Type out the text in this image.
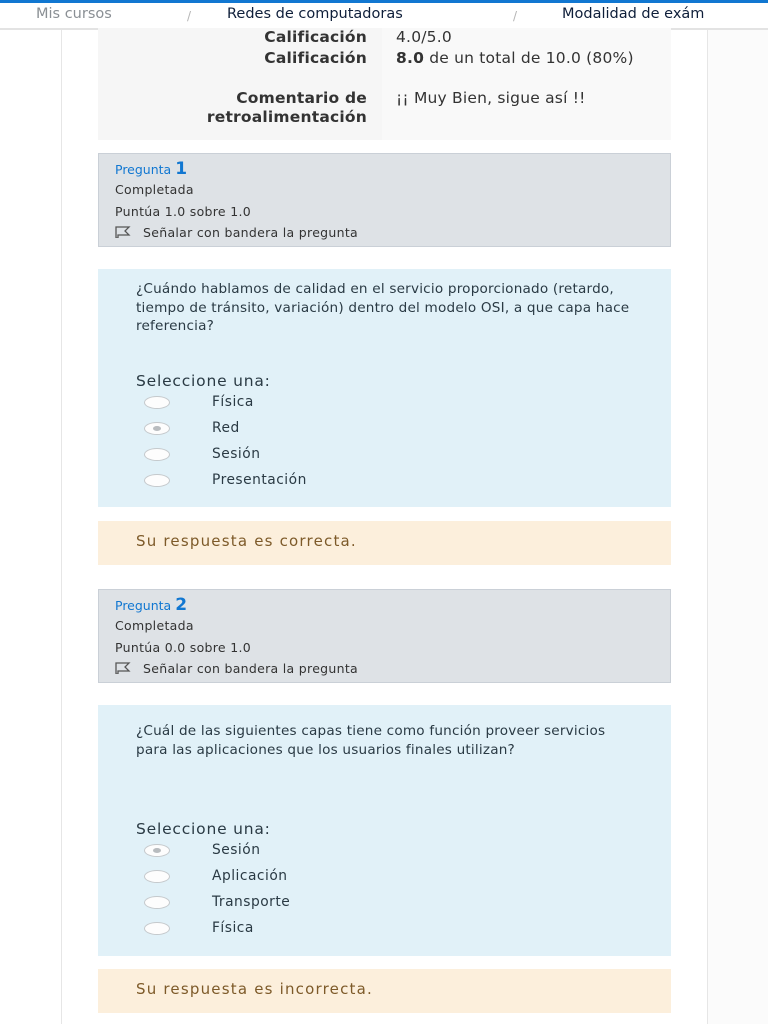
Mis cursos	/ Redes de computadoras	/	Modalidad de exám
Calificación 4.0/5.0
Calificación 8.0 de un total de 10.0 (80%)
Comentario de retroalimentación
¡¡ Muy Bien, sigue así !!
Pregunta 1
Completada
Puntúa 1.0 sobre 1.0
Señalar con bandera la pregunta
¿Cuándo hablamos de calidad en el servicio proporcionado (retardo, tiempo de tránsito, variación) dentro del modelo OSI, a que capa hace referencia?
Seleccione una:
Física
Red
Sesión
Presentación
Su respuesta es correcta.
Pregunta 2
Completada
Puntúa 0.0 sobre 1.0
Señalar con bandera la pregunta
¿Cuál de las siguientes capas tiene como función proveer servicios para las aplicaciones que los usuarios finales utilizan?
Seleccione una:
Sesión
Aplicación
Transporte
Física
Su respuesta es incorrecta.
